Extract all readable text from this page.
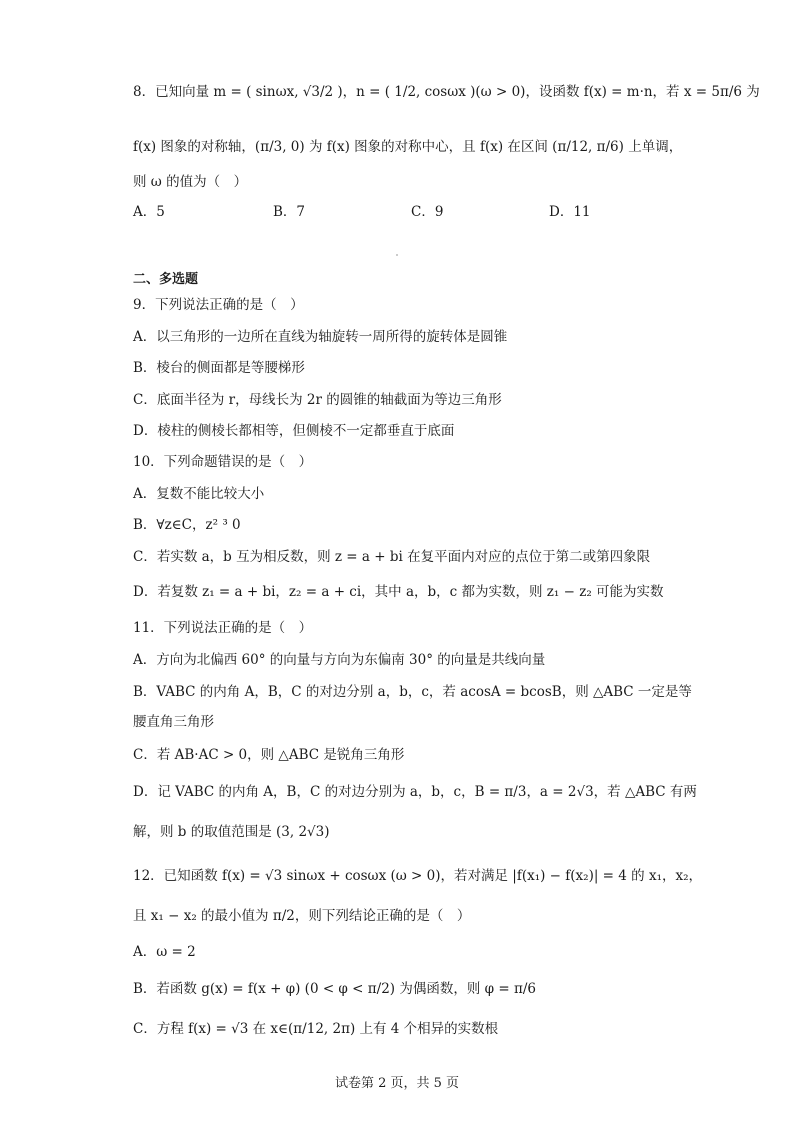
8．已知向量 m = ( sinωx, √3/2 )，n = ( 1/2, cosωx )(ω > 0)，设函数 f(x) = m·n，若 x = 5π/6 为
f(x) 图象的对称轴，(π/3, 0) 为 f(x) 图象的对称中心，且 f(x) 在区间 (π/12, π/6) 上单调，
则 ω 的值为（　）
A．5	B．7	C．9	D．11
二、多选题
9．下列说法正确的是（　）
A．以三角形的一边所在直线为轴旋转一周所得的旋转体是圆锥
B．棱台的侧面都是等腰梯形
C．底面半径为 r，母线长为 2r 的圆锥的轴截面为等边三角形
D．棱柱的侧棱长都相等，但侧棱不一定都垂直于底面
10．下列命题错误的是（　）
A．复数不能比较大小
B．∀z∈C，z² ³ 0
C．若实数 a，b 互为相反数，则 z = a + bi 在复平面内对应的点位于第二或第四象限
D．若复数 z₁ = a + bi，z₂ = a + ci，其中 a，b，c 都为实数，则 z₁ − z₂ 可能为实数
11．下列说法正确的是（　）
A．方向为北偏西 60° 的向量与方向为东偏南 30° 的向量是共线向量
B．VABC 的内角 A，B，C 的对边分别 a，b，c，若 acosA = bcosB，则 △ABC 一定是等
腰直角三角形
C．若 AB·AC > 0，则 △ABC 是锐角三角形
D．记 VABC 的内角 A，B，C 的对边分别为 a，b，c，B = π/3，a = 2√3，若 △ABC 有两
解，则 b 的取值范围是 (3, 2√3)
12．已知函数 f(x) = √3 sinωx + cosωx (ω > 0)，若对满足 |f(x₁) − f(x₂)| = 4 的 x₁，x₂，
且 x₁ − x₂ 的最小值为 π/2，则下列结论正确的是（　）
A．ω = 2
B．若函数 g(x) = f(x + φ) (0 < φ < π/2) 为偶函数，则 φ = π/6
C．方程 f(x) = √3 在 x∈(π/12, 2π) 上有 4 个相异的实数根
试卷第 2 页，共 5 页
